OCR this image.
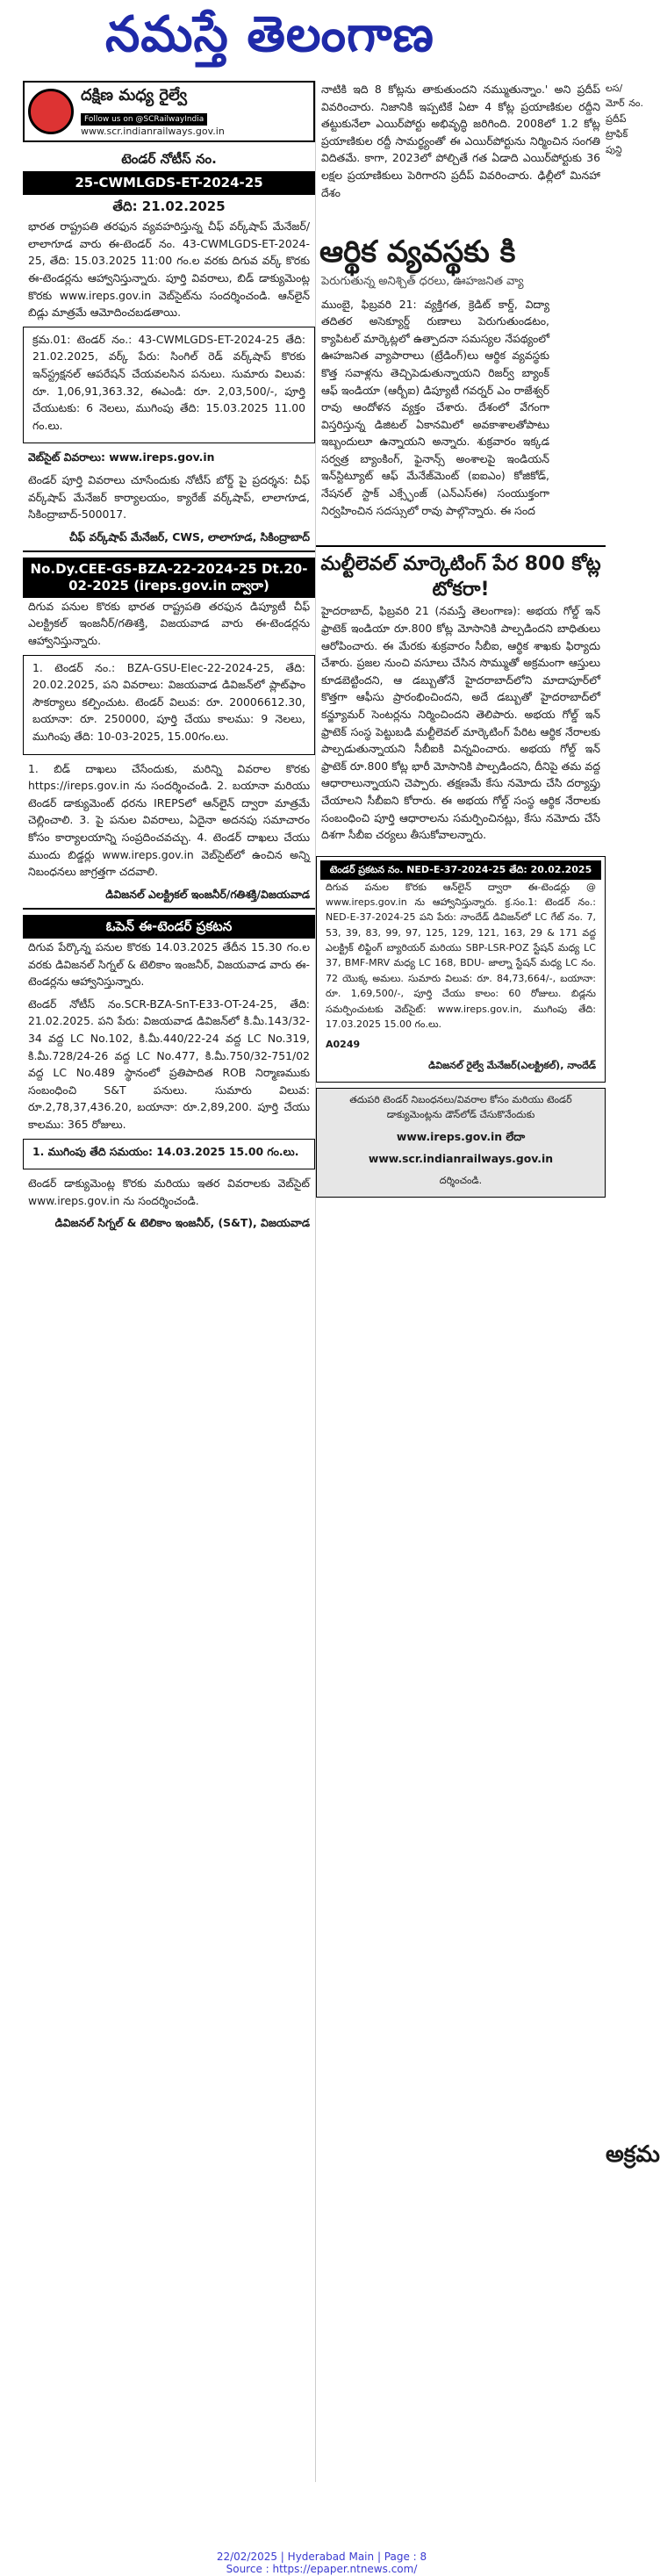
నమస్తే తెలంగాణ
దక్షిణ మధ్య రైల్వే
Follow us on @SCRailwayIndia
www.scr.indianrailways.gov.in
టెండర్ నోటీస్ నం.
25-CWMLGDS-ET-2024-25
తేది: 21.02.2025

భారత రాష్ట్రపతి తరఫున వ్యవహరిస్తున్న చీఫ్ వర్క్‌షాప్ మేనేజర్/లాలాగూడ వారు ఈ-టెండర్ నం. 43-CWMLGDS-ET-2024-25, తేది: 15.03.2025 11:00 గం.ల వరకు దిగువ వర్క్ కొరకు ఈ-టెండర్లను ఆహ్వానిస్తున్నారు. పూర్తి వివరాలు, బిడ్ డాక్యుమెంట్ల కొరకు www.ireps.gov.in వెబ్‌సైట్‌ను సందర్శించండి. ఆన్‌లైన్ బిడ్లు మాత్రమే ఆమోదించబడతాయి.

క్రమ.01: టెండర్ నం.: 43-CWMLGDS-ET-2024-25 తేది: 21.02.2025, వర్క్ పేరు: సింగిల్ రెడ్ వర్క్‌షాప్ కొరకు ఇన్‌స్ట్రక్షనల్ ఆపరేషన్ చేయవలసిన పనులు. సుమారు విలువ: రూ. 1,06,91,363.32, ఈఎండి: రూ. 2,03,500/-, పూర్తి చేయుటకు: 6 నెలలు, ముగింపు తేది: 15.03.2025 11.00 గం.లు.

వెబ్‌సైట్ వివరాలు: www.ireps.gov.in

టెండర్ పూర్తి వివరాలు చూసేందుకు నోటీస్ బోర్డ్ పై ప్రదర్శన: చీఫ్ వర్క్‌షాప్ మేనేజర్ కార్యాలయం, క్యారేజ్ వర్క్‌షాప్, లాలాగూడ, సికింద్రాబాద్-500017.

చీఫ్ వర్క్‌షాప్ మేనేజర్, CWS, లాలాగూడ, సికింద్రాబాద్

No.Dy.CEE-GS-BZA-22-2024-25 Dt.20-02-2025 (ireps.gov.in ద్వారా)

దిగువ పనుల కొరకు భారత రాష్ట్రపతి తరఫున డిప్యూటీ చీఫ్ ఎలక్ట్రికల్ ఇంజనీర్/గతిశక్తి, విజయవాడ వారు ఈ-టెండర్లను ఆహ్వానిస్తున్నారు.

1. టెండర్ నం.: BZA-GSU-Elec-22-2024-25, తేది: 20.02.2025, పని వివరాలు: విజయవాడ డివిజన్‌లో ప్లాట్‌ఫాం సౌకర్యాలు కల్పించుట. టెండర్ విలువ: రూ. 20006612.30, బయానా: రూ. 250000, పూర్తి చేయు కాలము: 9 నెలలు, ముగింపు తేది: 10-03-2025, 15.00గం.లు.

1. బిడ్ దాఖలు చేసేందుకు, మరిన్ని వివరాల కొరకు https://ireps.gov.in ను సందర్శించండి. 2. బయానా మరియు టెండర్ డాక్యుమెంట్ ధరను IREPSలో ఆన్‌లైన్ ద్వారా మాత్రమే చెల్లించాలి. 3. పై పనుల వివరాలు, ఏదైనా అదనపు సమాచారం కోసం కార్యాలయాన్ని సంప్రదించవచ్చు. 4. టెండర్ దాఖలు చేయు ముందు బిడ్డర్లు www.ireps.gov.in వెబ్‌సైట్‌లో ఉంచిన అన్ని నిబంధనలు జాగ్రత్తగా చదవాలి.

డివిజనల్ ఎలక్ట్రికల్ ఇంజనీర్/గతిశక్తి/విజయవాడ

ఓపెన్ ఈ-టెండర్ ప్రకటన

దిగువ పేర్కొన్న పనుల కొరకు 14.03.2025 తేదీన 15.30 గం.ల వరకు డివిజనల్ సిగ్నల్ & టెలికాం ఇంజనీర్, విజయవాడ వారు ఈ-టెండర్లను ఆహ్వానిస్తున్నారు.

టెండర్ నోటీస్ నం.SCR-BZA-SnT-E33-OT-24-25, తేది: 21.02.2025. పని పేరు: విజయవాడ డివిజన్‌లో కి.మీ.143/32-34 వద్ద LC No.102, కి.మీ.440/22-24 వద్ద LC No.319, కి.మీ.728/24-26 వద్ద LC No.477, కి.మీ.750/32-751/02 వద్ద LC No.489 స్థానంలో ప్రతిపాదిత ROB నిర్మాణముకు సంబంధించి S&T పనులు. సుమారు విలువ: రూ.2,78,37,436.20, బయానా: రూ.2,89,200. పూర్తి చేయు కాలము: 365 రోజులు.

1. ముగింపు తేది సమయం: 14.03.2025 15.00 గం.లు.

టెండర్ డాక్యుమెంట్ల కొరకు మరియు ఇతర వివరాలకు వెబ్‌సైట్ www.ireps.gov.in ను సందర్శించండి.

డివిజనల్ సిగ్నల్ & టెలికాం ఇంజనీర్, (S&T), విజయవాడ

నాటికి ఇది 8 కోట్లను తాకుతుందని నమ్ముతున్నాం.' అని ప్రదీప్ వివరించారు. నిజానికి ఇప్పటికే ఏటా 4 కోట్ల ప్రయాణికుల రద్దీని తట్టుకునేలా ఎయిర్‌పోర్టు అభివృద్ధి జరిగింది. 2008లో 1.2 కోట్ల ప్రయాణికుల రద్దీ సామర్థ్యంతో ఈ ఎయిర్‌పోర్టును నిర్మించిన సంగతి విదితమే. కాగా, 2023లో పోల్చితే గత ఏడాది ఎయిర్‌పోర్టుకు 36 లక్షల ప్రయాణికులు పెరిగారని ప్రదీప్ వివరించారు. ఢిల్లీలో మినహా దేశం

ఆర్థిక వ్యవస్థకు కి
పెరుగుతున్న అనిశ్చిత్ ధరలు, ఊహజనిత వ్యా

ముంబై, ఫిబ్రవరి 21: వ్యక్తిగత, క్రెడిట్ కార్డ్, విద్యా తదితర అసెక్యూర్డ్ రుణాలు పెరుగుతుండటం, క్యాపిటల్ మార్కెట్లలో ఉత్పాదనా సమస్యల నేపథ్యంలో ఊహజనిత వ్యాపారాలు (ట్రేడింగ్)లు ఆర్థిక వ్యవస్థకు కొత్త సవాళ్లను తెచ్చిపెడుతున్నాయని రిజర్వ్ బ్యాంక్ ఆఫ్ ఇండియా (ఆర్బీఐ) డిప్యూటీ గవర్నర్ ఎం రాజేశ్వర్ రావు ఆందోళన వ్యక్తం చేశారు. దేశంలో వేగంగా విస్తరిస్తున్న డిజిటల్ ఏకానమిలో అవకాశాలతోపాటు ఇబ్బందులూ ఉన్నాయని అన్నారు. శుక్రవారం ఇక్కడ సర్వత్ర బ్యాంకింగ్, ఫైనాన్స్ అంశాలపై ఇండియన్ ఇన్‌స్టిట్యూట్ ఆఫ్ మేనేజ్‌మెంట్ (ఐఐఎం) కోజికోడ్, నేషనల్ స్టాక్ ఎక్స్ఛేంజ్ (ఎన్‌ఎస్‌ఈ) సంయుక్తంగా నిర్వహించిన సదస్సులో రావు పాల్గొన్నారు. ఈ సంద

మల్టీలెవల్ మార్కెటింగ్ పేర 800 కోట్ల టోకరా!

హైదరాబాద్, ఫిబ్రవరి 21 (నమస్తే తెలంగాణ): అభయ గోల్డ్ ఇన్ ఫ్రాటెక్ ఇండియా రూ.800 కోట్ల మోసానికి పాల్పడిందని బాధితులు ఆరోపించారు. ఈ మేరకు శుక్రవారం సీబీఐ, ఆర్థిక శాఖకు ఫిర్యాదు చేశారు. ప్రజల నుంచి వసూలు చేసిన సొమ్ముతో అక్రమంగా ఆస్తులు కూడబెట్టిందని, ఆ డబ్బుతోనే హైదరాబాద్‌లోని మాదాపూర్‌లో కొత్తగా ఆఫీసు ప్రారంభించిందని, అదే డబ్బుతో హైదరాబాద్‌లో కన్జ్యూమర్ సెంటర్లను నిర్మించిందని తెలిపారు. అభయ గోల్డ్ ఇన్ ఫ్రాటెక్ సంస్థ పెట్టుబడి మల్టీలెవల్ మార్కెటింగ్ పేరిట ఆర్థిక నేరాలకు పాల్పడుతున్నాయని సీబీఐకి విన్నవించారు. అభయ గోల్డ్ ఇన్ ఫ్రాటెక్ రూ.800 కోట్ల భారీ మోసానికి పాల్పడిందని, దీనిపై తమ వద్ద ఆధారాలున్నాయని చెప్పారు. తక్షణమే కేసు నమోదు చేసి దర్యాప్తు చేయాలని సీబీఐని కోరారు. ఈ అభయ గోల్డ్ సంస్థ ఆర్థిక నేరాలకు సంబంధించి పూర్తి ఆధారాలను సమర్పించినట్లు, కేసు నమోదు చేసే దిశగా సీబీఐ చర్యలు తీసుకోవాలన్నారు.

టెండర్ ప్రకటన నం. NED-E-37-2024-25 తేది: 20.02.2025

దిగువ పనుల కొరకు ఆన్‌లైన్ ద్వారా ఈ-టెండర్లు @ www.ireps.gov.in ను ఆహ్వానిస్తున్నారు. క్ర.సం.1: టెండర్ నం.: NED-E-37-2024-25 పని పేరు: నాందేడ్ డివిజన్‌లో LC గేట్ నం. 7, 53, 39, 83, 99, 97, 125, 129, 121, 163, 29 & 171 వద్ద ఎలక్ట్రిక్ లిఫ్టింగ్ బ్యారియర్ మరియు SBP-LSR-POZ స్టేషన్ మధ్య LC 37, BMF-MRV మధ్య LC 168, BDU- జాల్నా స్టేషన్ మధ్య LC నం. 72 యొక్క అమలు. సుమారు విలువ: రూ. 84,73,664/-, బయానా: రూ. 1,69,500/-, పూర్తి చేయు కాలం: 60 రోజులు. బిడ్లను సమర్పించుటకు వెబ్‌సైట్: www.ireps.gov.in, ముగింపు తేది: 17.03.2025 15.00 గం.లు.

A0249

డివిజనల్ రైల్వే మేనేజర్(ఎలక్ట్రికల్), నాందేడ్

తదుపరి టెండర్ నిబంధనలు/వివరాల కోసం మరియు టెండర్ డాక్యుమెంట్లను డౌన్‌లోడ్ చేసుకొనేందుకు

www.ireps.gov.in లేదా

www.scr.indianrailways.gov.in

దర్శించండి.

లస/ మోర్ నం. ప్రదీప్ ట్రాఫిక్ పున్ది

అక్రమ
22/02/2025 | Hyderabad Main | Page : 8
Source : https://epaper.ntnews.com/
